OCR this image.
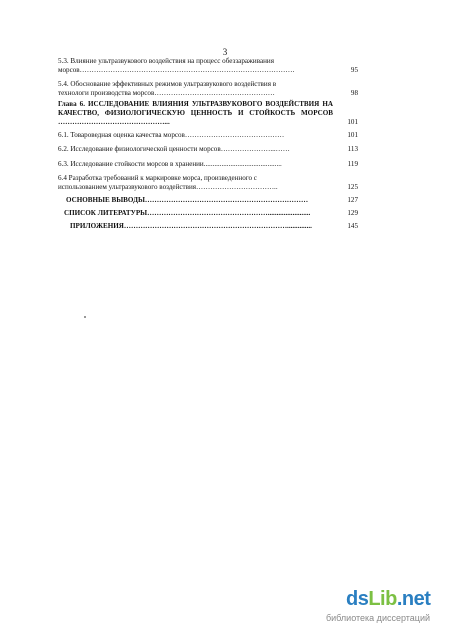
3
5.3. Влияние ультразвукового воздействия на процесс обеззараживания
морсов……………………………………………………………………………….	95
5.4. Обоснование эффективных режимов ультразвукового воздействия в
технологи производства морсов……………………………………………	98
Глава 6. ИССЛЕДОВАНИЕ ВЛИЯНИЯ УЛЬТРАЗВУКОВОГО ВОЗДЕЙСТВИЯ НА КАЧЕСТВО, ФИЗИОЛОГИЧЕСКУЮ ЦЕННОСТЬ И СТОЙКОСТЬ МОРСОВ ………………………………………...	101
6.1. Товароведная оценка качества морсов……………………………………	101
6.2. Исследование физиологической ценности морсов…………………...……	113
6.3. Исследование стойкости морсов в хранении............................................	119
6.4 Разработка требований к маркировке морса, произведенного с
использованием ультразвукового воздействия……………………………..	125
ОСНОВНЫЕ ВЫВОДЫ……………………………………………………………	127
СПИСОК ЛИТЕРАТУРЫ……………………………………………........................	129
ПРИЛОЖЕНИЯ……………………………………………………………..............	145
dsLib.net
библиотека диссертаций
